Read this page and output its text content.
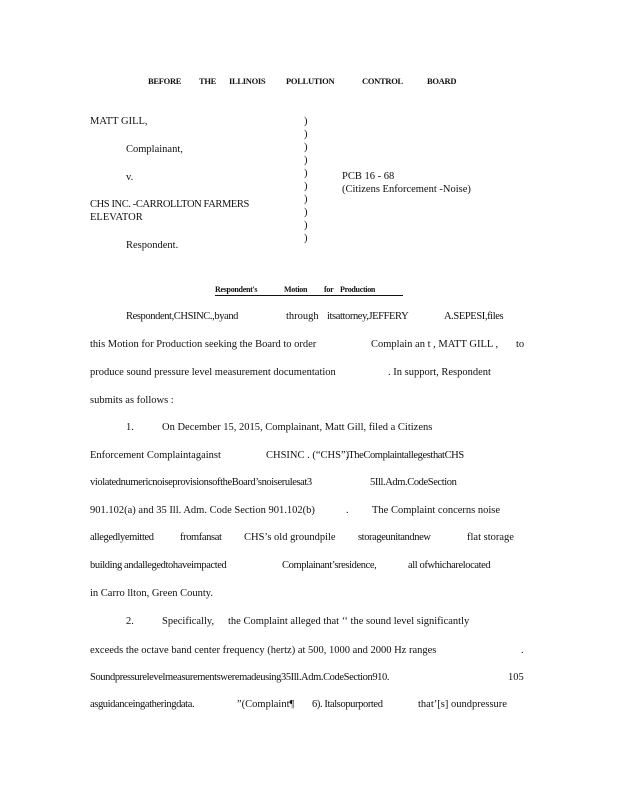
BEFORE THE ILLINOIS POLLUTION	CONTROL	BOARD
MATT GILL,
Complainant,
v.
CHS INC. -CARROLLTON FARMERS
ELEVATOR
Respondent.
)
)
)
)
)
)
)
)
)
)
PCB 16 - 68
(Citizens Enforcement -Noise)
Respondent's	Motion for Production
Respondent,CHSINC.,byand	through itsattorney,JEFFERY	A.SEPESI,files
this Motion for Production seeking the Board to order	Complain an t , MATT GILL , to
produce sound pressure level measurement documentation	. In support, Respondent
submits as follows :
1.	On December 15, 2015, Complainant, Matt Gill, filed a Citizens
Enforcement Complaintagainst	CHSINC . (“CHS”)
.TheComplaintallegesthatCHS
violatednumericnoiseprovisionsoftheBoard’snoiserulesat3	5Ill.Adm.CodeSection
901.102(a) and 35 Ill. Adm. Code Section 901.102(b)	. The Complaint concerns noise
allegedlyemitted	fromfansat CHS’s old groundpile storageunitandnew	flat storage
building andallegedtohaveimpacted	Complainant’sresidence,	all ofwhicharelocated
in Carro llton, Green County.
2.	Specifically, the Complaint alleged that ‘‘ the sound level significantly
exceeds the octave band center frequency (hertz) at 500, 1000 and 2000 Hz ranges	.
Soundpressurelevelmeasurementsweremadeusing35Ill.Adm.CodeSection910.	105
asguidanceingatheringdata.	”(Complaint¶ 6). Italsopurported	that’[s] oundpressure
